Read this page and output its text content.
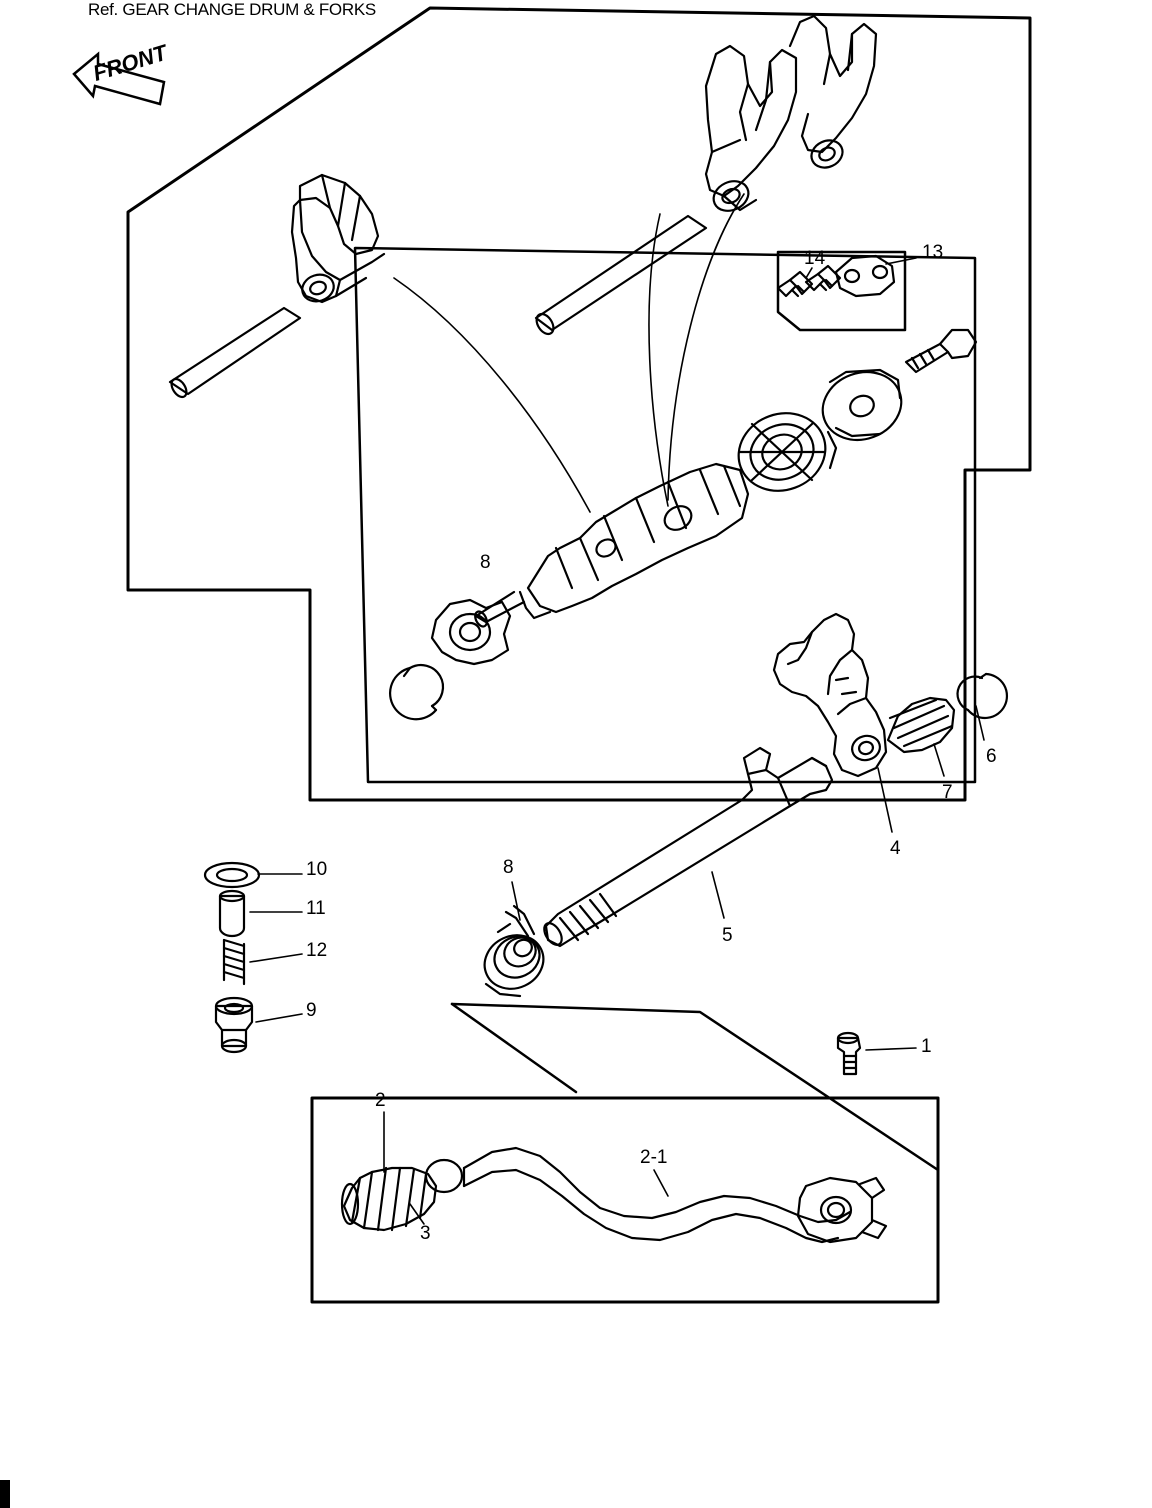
Ref. GEAR CHANGE DRUM & FORKS
FRONT
13
14
8
6
7
4
5
8
10
11
12
9
1
2
2-1
3
